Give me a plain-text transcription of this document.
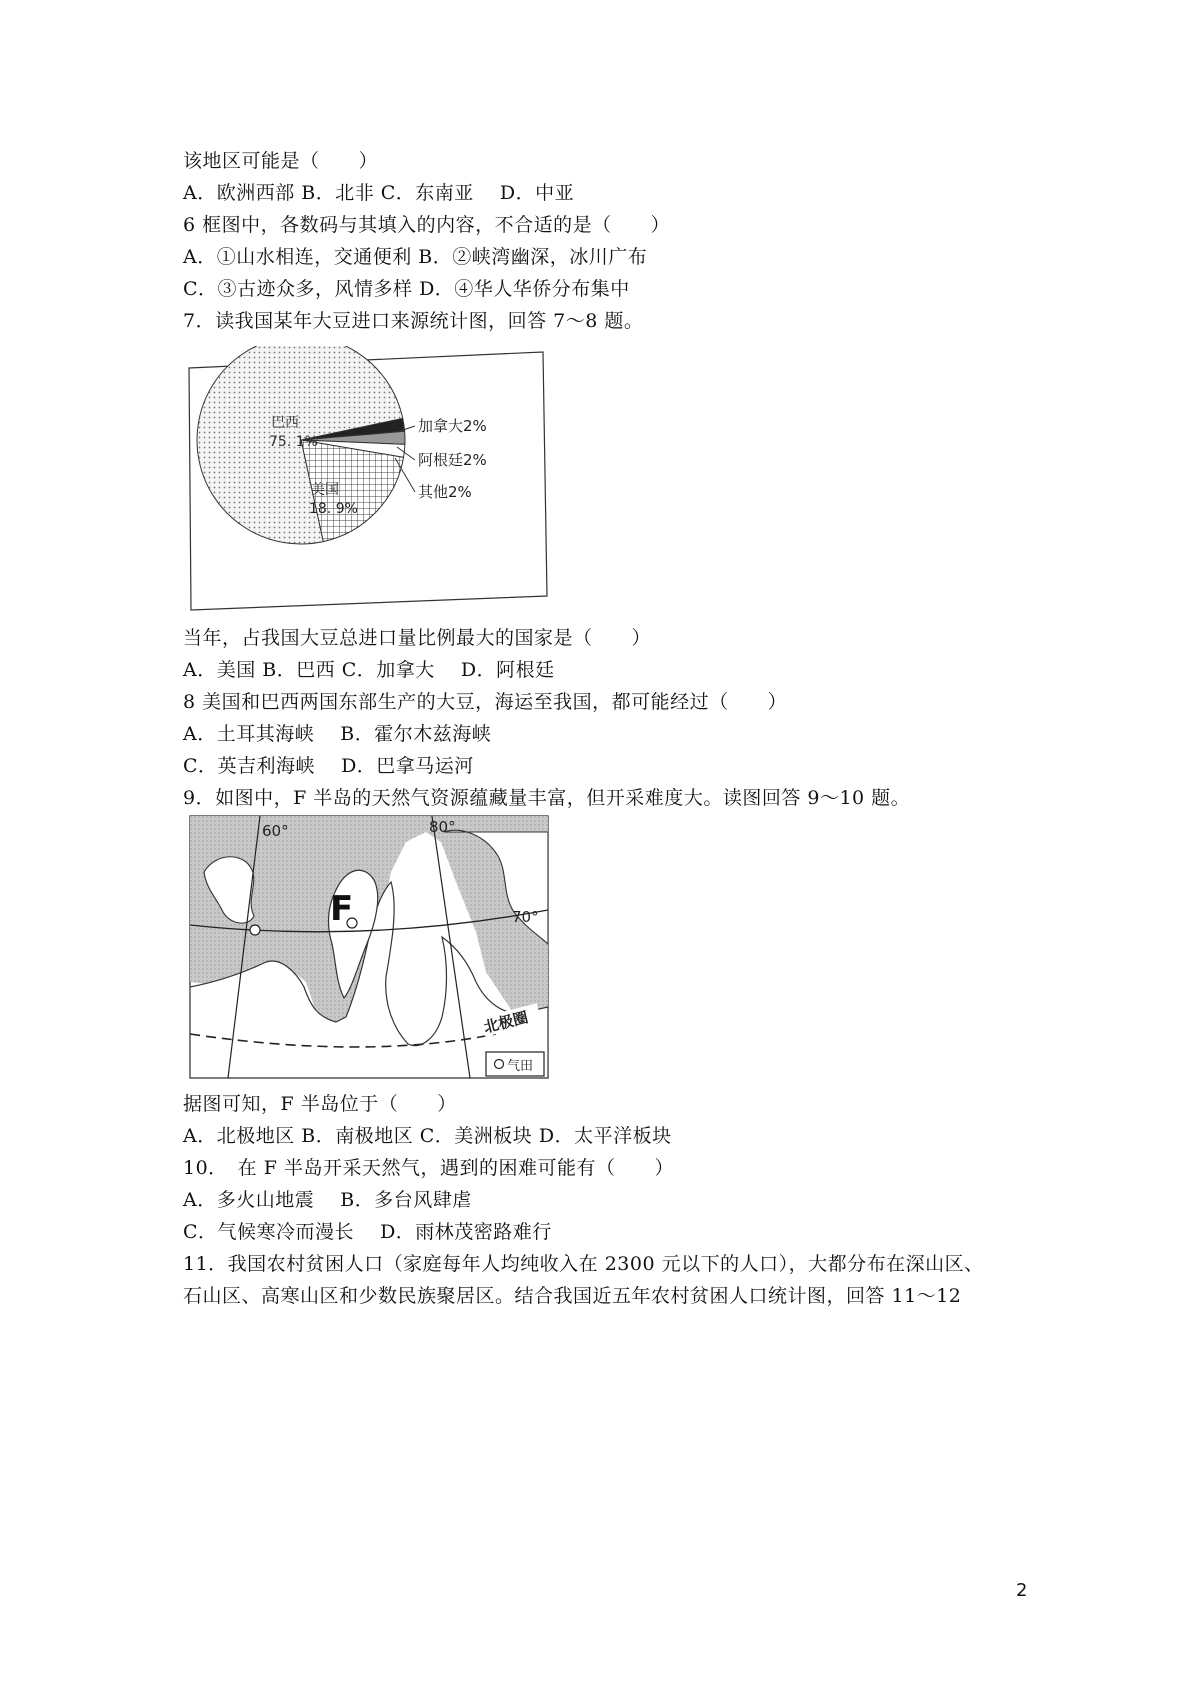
该地区可能是（　　）

A．欧洲西部 B．北非 C．东南亚　 D．中亚

6 框图中，各数码与其填入的内容，不合适的是（　　）

A．①山水相连，交通便利 B．②峡湾幽深，冰川广布

C．③古迹众多，风情多样 D．④华人华侨分布集中

7．读我国某年大豆进口来源统计图，回答 7～8 题。

巴西
75. 1%
美国
18. 9%
加拿大2%
阿根廷2%
其他2%

当年，占我国大豆总进口量比例最大的国家是（　　）

A．美国 B．巴西 C．加拿大　 D．阿根廷

8 美国和巴西两国东部生产的大豆，海运至我国，都可能经过（　　）

A．土耳其海峡　 B．霍尔木兹海峡

C．英吉利海峡　 D．巴拿马运河

9．如图中，F 半岛的天然气资源蕴藏量丰富，但开采难度大。读图回答 9～10 题。

60°	80°
70°
F
北极圈
气田

据图可知，F 半岛位于（　　）

A．北极地区 B．南极地区 C．美洲板块 D．太平洋板块

10．　在 F 半岛开采天然气，遇到的困难可能有（　　）

A．多火山地震　 B．多台风肆虐

C．气候寒冷而漫长　 D．雨林茂密路难行

11．我国农村贫困人口（家庭每年人均纯收入在 2300 元以下的人口），大都分布在深山区、

石山区、高寒山区和少数民族聚居区。结合我国近五年农村贫困人口统计图，回答 11～12

2
